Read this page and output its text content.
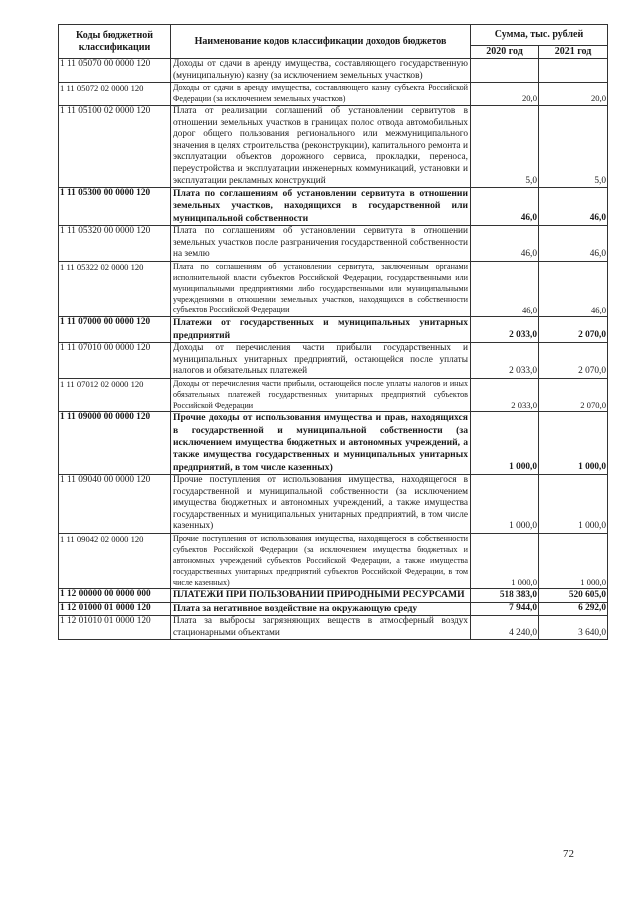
Коды бюджетной классификации	Наименование кодов классификации доходов бюджетов	Сумма, тыс. рублей	
		2020 год	2021 год
1 11 05070 00 0000 120	Доходы от сдачи в аренду имущества, составляющего государственную (муниципальную) казну (за исключением земельных участков)		
1 11 05072 02 0000 120	Доходы от сдачи в аренду имущества, составляющего казну субъекта Российской Федерации (за исключением земельных участков)	20,0	20,0
1 11 05100 02 0000 120	Плата от реализации соглашений об установлении сервитутов в отношении земельных участков в границах полос отвода автомобильных дорог общего пользования регионального или межмуниципального значения в целях строительства (реконструкции), капитального ремонта и эксплуатации объектов дорожного сервиса, прокладки, переноса, переустройства и эксплуатации инженерных коммуникаций, установки и эксплуатации рекламных конструкций	5,0	5,0
1 11 05300 00 0000 120	Плата по соглашениям об установлении сервитута в отношении земельных участков, находящихся в государственной или муниципальной собственности	46,0	46,0
1 11 05320 00 0000 120	Плата по соглашениям об установлении сервитута в отношении земельных участков после разграничения государственной собственности на землю	46,0	46,0
1 11 05322 02 0000 120	Плата по соглашениям об установлении сервитута, заключенным органами исполнительной власти субъектов Российской Федерации, государственными или муниципальными предприятиями либо государственными или муниципальными учреждениями в отношении земельных участков, находящихся в собственности субъектов Российской Федерации	46,0	46,0
1 11 07000 00 0000 120	Платежи от государственных и муниципальных унитарных предприятий	2 033,0	2 070,0
1 11 07010 00 0000 120	Доходы от перечисления части прибыли государственных и муниципальных унитарных предприятий, остающейся после уплаты налогов и обязательных платежей	2 033,0	2 070,0
1 11 07012 02 0000 120	Доходы от перечисления части прибыли, остающейся после уплаты налогов и иных обязательных платежей государственных унитарных предприятий субъектов Российской Федерации	2 033,0	2 070,0
1 11 09000 00 0000 120	Прочие доходы от использования имущества и прав, находящихся в государственной и муниципальной собственности (за исключением имущества бюджетных и автономных учреждений, а также имущества государственных и муниципальных унитарных предприятий, в том числе казенных)	1 000,0	1 000,0
1 11 09040 00 0000 120	Прочие поступления от использования имущества, находящегося в государственной и муниципальной собственности (за исключением имущества бюджетных и автономных учреждений, а также имущества государственных и муниципальных унитарных предприятий, в том числе казенных)	1 000,0	1 000,0
1 11 09042 02 0000 120	Прочие поступления от использования имущества, находящегося в собственности субъектов Российской Федерации (за исключением имущества бюджетных и автономных учреждений субъектов Российской Федерации, а также имущества государственных унитарных предприятий субъектов Российской Федерации, в том числе казенных)	1 000,0	1 000,0
1 12 00000 00 0000 000	ПЛАТЕЖИ ПРИ ПОЛЬЗОВАНИИ ПРИРОДНЫМИ РЕСУРСАМИ	518 383,0	520 605,0
1 12 01000 01 0000 120	Плата за негативное воздействие на окружающую среду	7 944,0	6 292,0
1 12 01010 01 0000 120	Плата за выбросы загрязняющих веществ в атмосферный воздух стационарными объектами	4 240,0	3 640,0
72
